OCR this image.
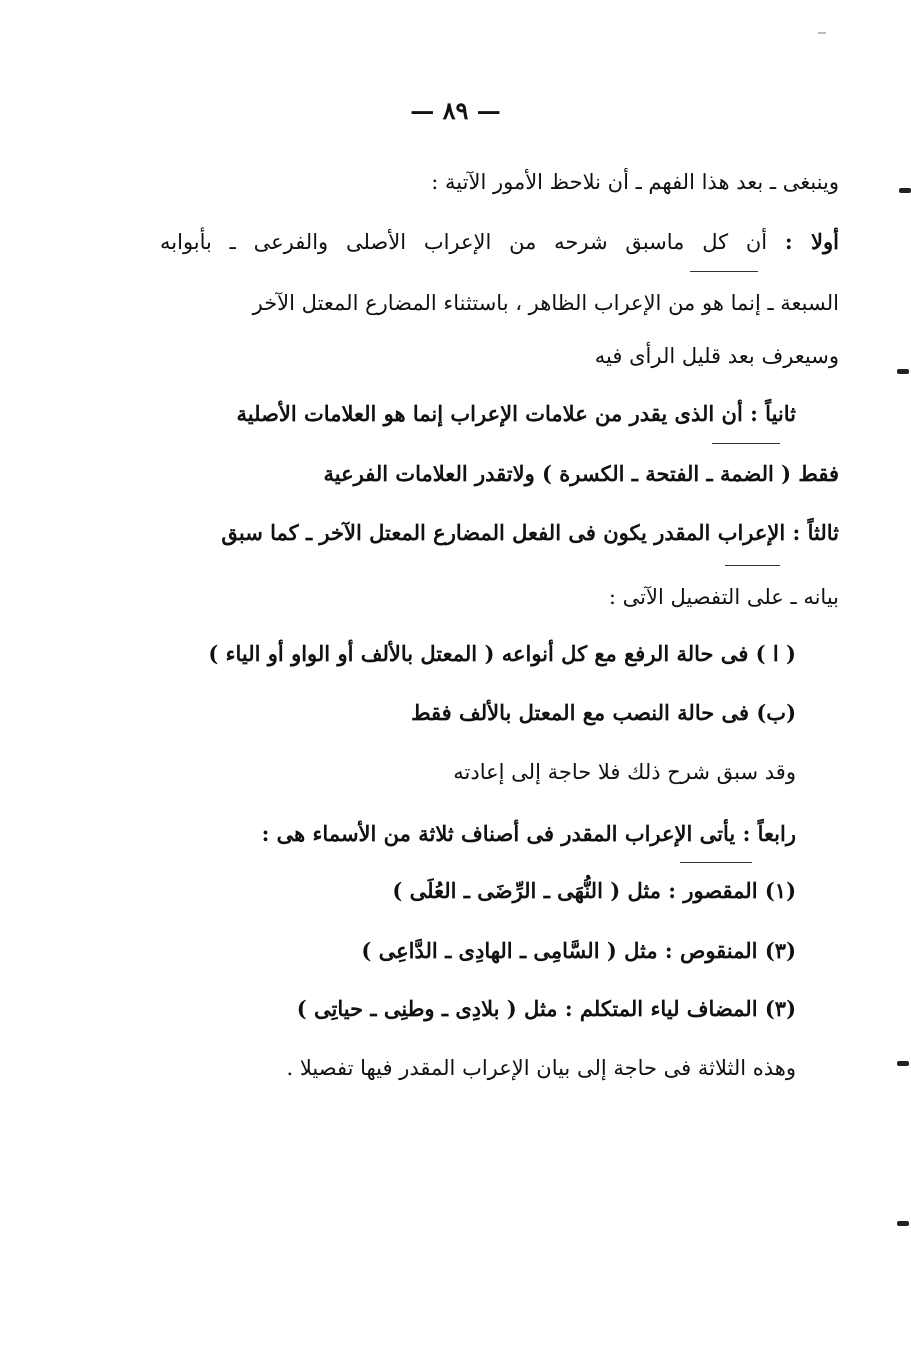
— ٨٩ —
وينبغى ـ بعد هذا الفهم ـ أن نلاحظ الأمور الآتية :
أولا : أن كل ماسبق شرحه من الإعراب الأصلى والفرعى ـ بأبوابه
السبعة ـ إنما هو من الإعراب الظاهر ، باستثناء المضارع المعتل الآخر
وسيعرف بعد قليل الرأى فيه
ثانياً : أن الذى يقدر من علامات الإعراب إنما هو العلامات الأصلية
فقط ( الضمة ـ الفتحة ـ الكسرة ) ولاتقدر العلامات الفرعية
ثالثاً : الإعراب المقدر يكون فى الفعل المضارع المعتل الآخر ـ كما سبق
بيانه ـ على التفصيل الآتى :
( ا ) فى حالة الرفع مع كل أنواعه ( المعتل بالألف أو الواو أو الياء )
(ب) فى حالة النصب مع المعتل بالألف فقط
وقد سبق شرح ذلك فلا حاجة إلى إعادته
رابعاً : يأتى الإعراب المقدر فى أصناف ثلاثة من الأسماء هى :
(١) المقصور : مثل ( النُّهَى ـ الرِّضَى ـ العُلَى )
(٣) المنقوص : مثل ( السَّامِى ـ الهادِى ـ الدَّاعِى )
(٣) المضاف لياء المتكلم : مثل ( بلادِى ـ وطنِى ـ حياتِى )
وهذه الثلاثة فى حاجة إلى بيان الإعراب المقدر فيها تفصيلا .
